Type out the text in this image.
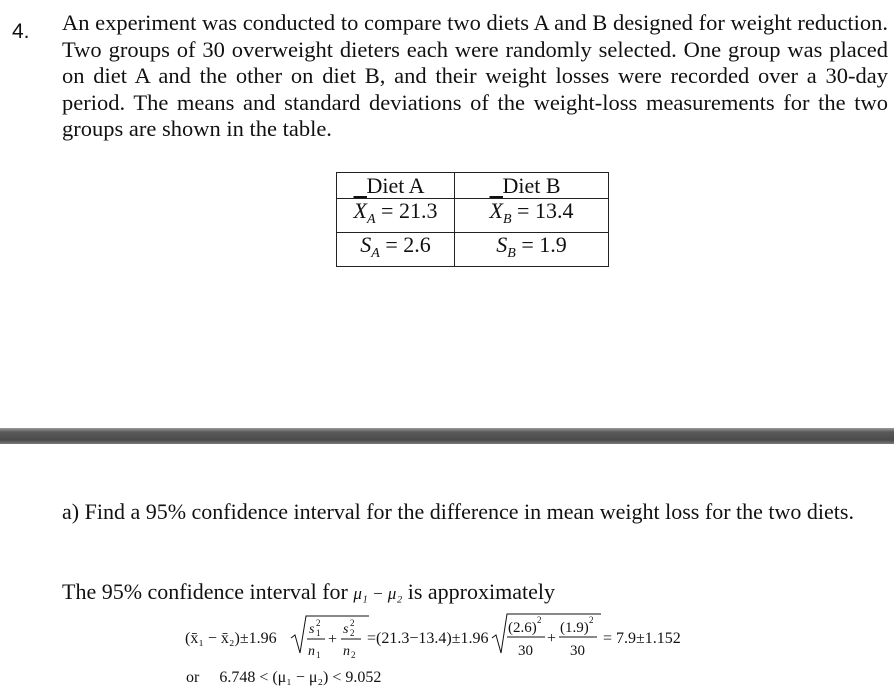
4. An experiment was conducted to compare two diets A and B designed for weight reduction. Two groups of 30 overweight dieters each were randomly selected. One group was placed on diet A and the other on diet B, and their weight losses were recorded over a 30-day period. The means and standard deviations of the weight-loss measurements for the two groups are shown in the table.
Diet A	Diet B
$\overline{X}_A = 21.3$	$\overline{X}_B = 13.4$
$S_A = 2.6$	$S_B = 1.9$
a) Find a 95% confidence interval for the difference in mean weight loss for the two diets.
The 95% confidence interval for μ₁ − μ₂ is approximately
(x̄₁ − x̄₂)±1.96
s 2
1
n 1
+
s 2
2
n 2
=(21.3−13.4)±1.96
(2.6) 2
30
+
(1.9) 2
30
= 7.9±1.152
or 6.748 < (μ₁ − μ₂) < 9.052
